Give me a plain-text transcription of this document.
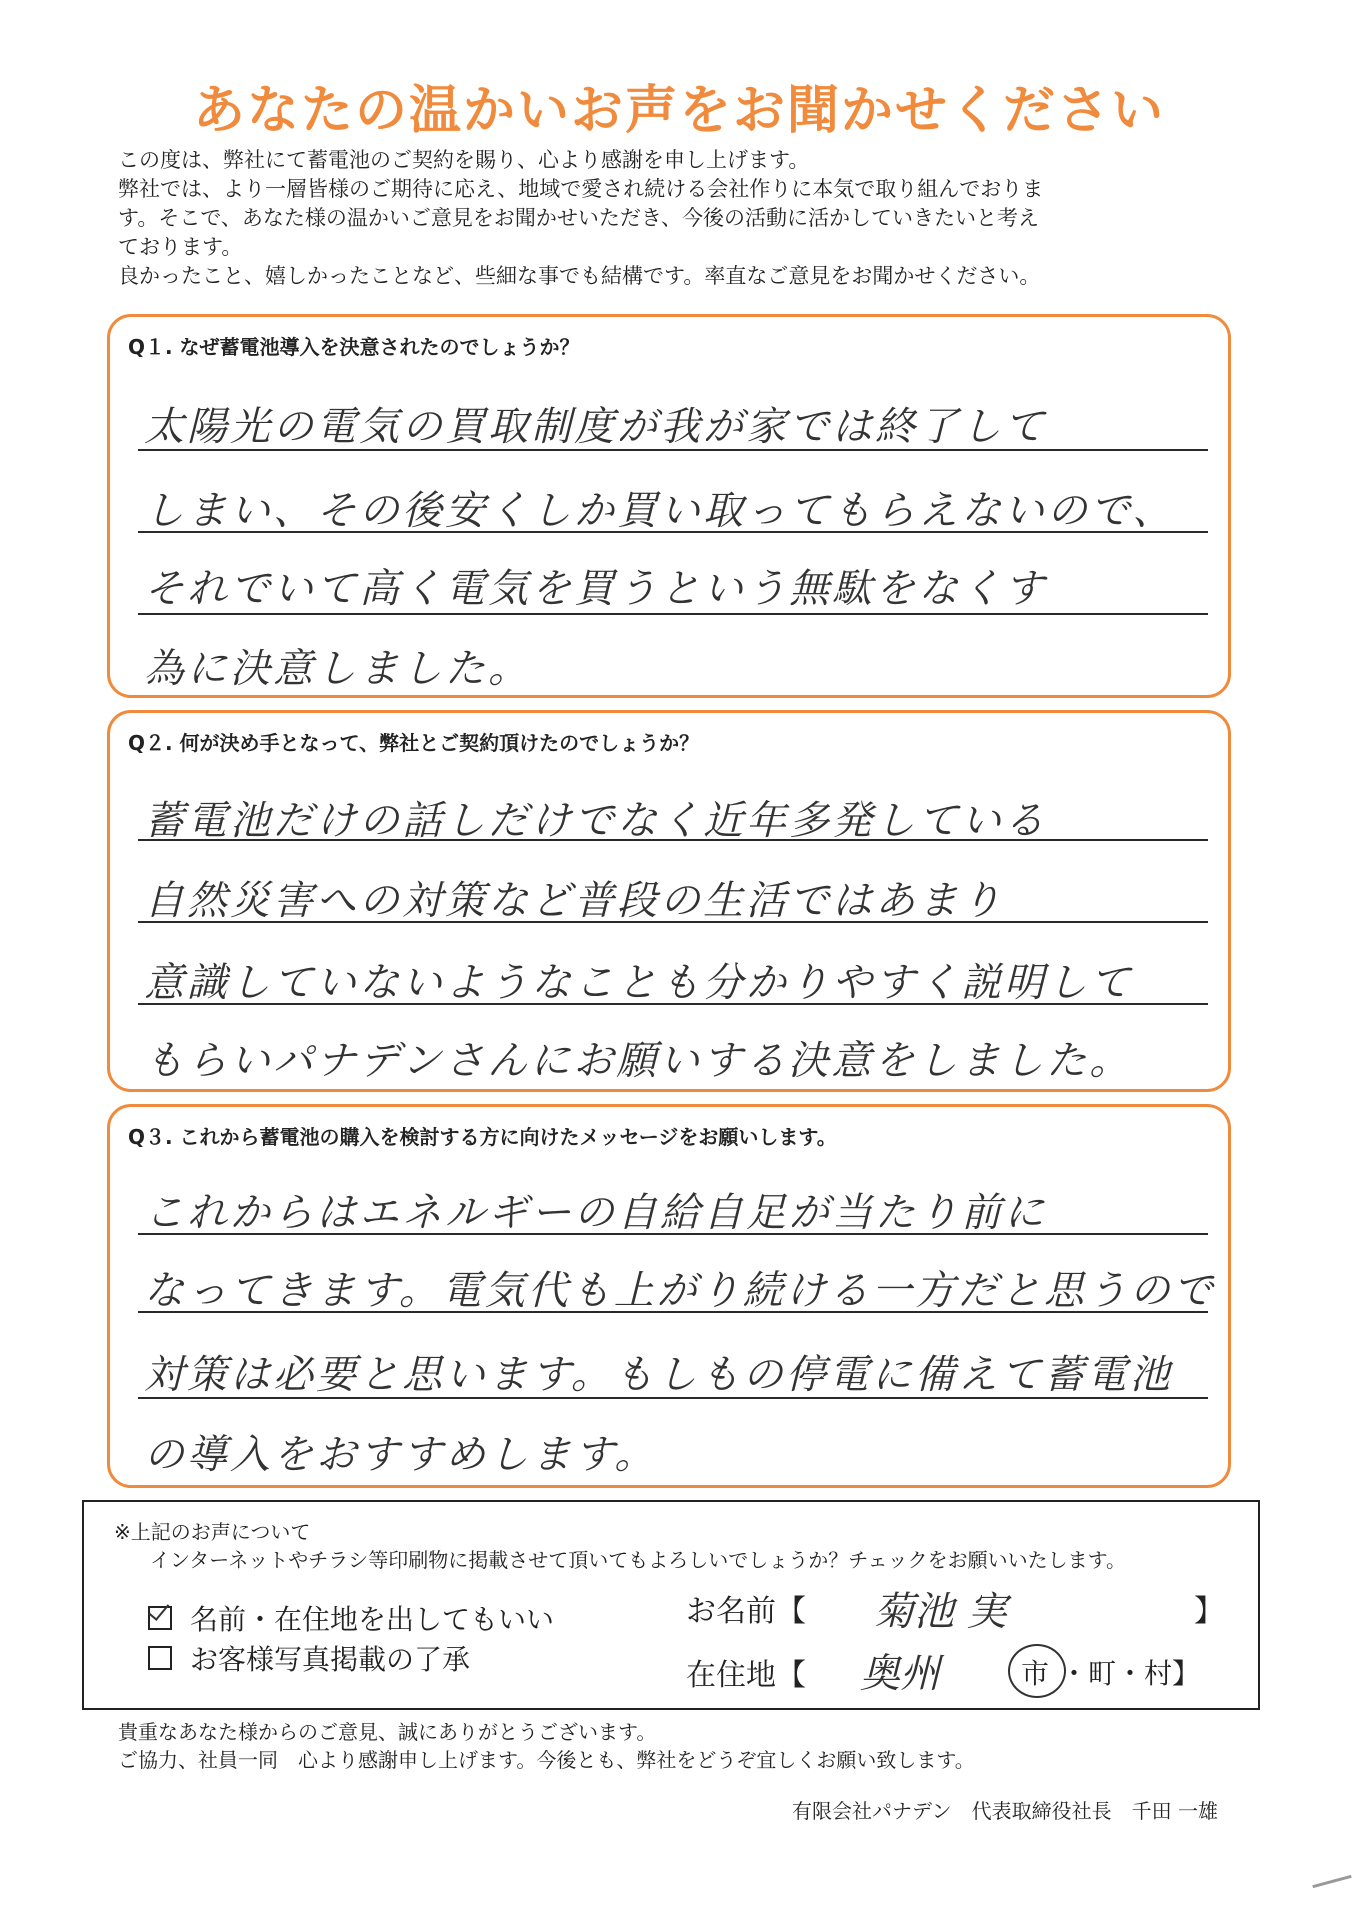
あなたの温かいお声をお聞かせください

この度は、弊社にて蓄電池のご契約を賜り、心より感謝を申し上げます。

弊社では、より一層皆様のご期待に応え、地域で愛され続ける会社作りに本気で取り組んでおりま

す。そこで、あなた様の温かいご意見をお聞かせいただき、今後の活動に活かしていきたいと考え

ております。

良かったこと、嬉しかったことなど、些細な事でも結構です。率直なご意見をお聞かせください。

Q１. なぜ蓄電池導入を決意されたのでしょうか？

太陽光の電気の買取制度が我が家では終了して
しまい、その後安くしか買い取ってもらえないので、
それでいて高く電気を買うという無駄をなくす
為に決意しました。

Q２. 何が決め手となって、弊社とご契約頂けたのでしょうか？

蓄電池だけの話しだけでなく近年多発している
自然災害への対策など普段の生活ではあまり
意識していないようなことも分かりやすく説明して
もらいパナデンさんにお願いする決意をしました。

Q３. これから蓄電池の購入を検討する方に向けたメッセージをお願いします。

これからはエネルギーの自給自足が当たり前に
なってきます。電気代も上がり続ける一方だと思うので
対策は必要と思います。もしもの停電に備えて蓄電池
の導入をおすすめします。

※上記のお声について

インターネットやチラシ等印刷物に掲載させて頂いてもよろしいでしょうか？チェックをお願いいたします。
名前・在住地を出してもいい
お客様写真掲載の了承
お名前【 菊池 実	】
在住地【 奥州	市 ・町・村】

貴重なあなた様からのご意見、誠にありがとうございます。

ご協力、社員一同　心より感謝申し上げます。今後とも、弊社をどうぞ宜しくお願い致します。

有限会社パナデン　代表取締役社長　千田 一雄
